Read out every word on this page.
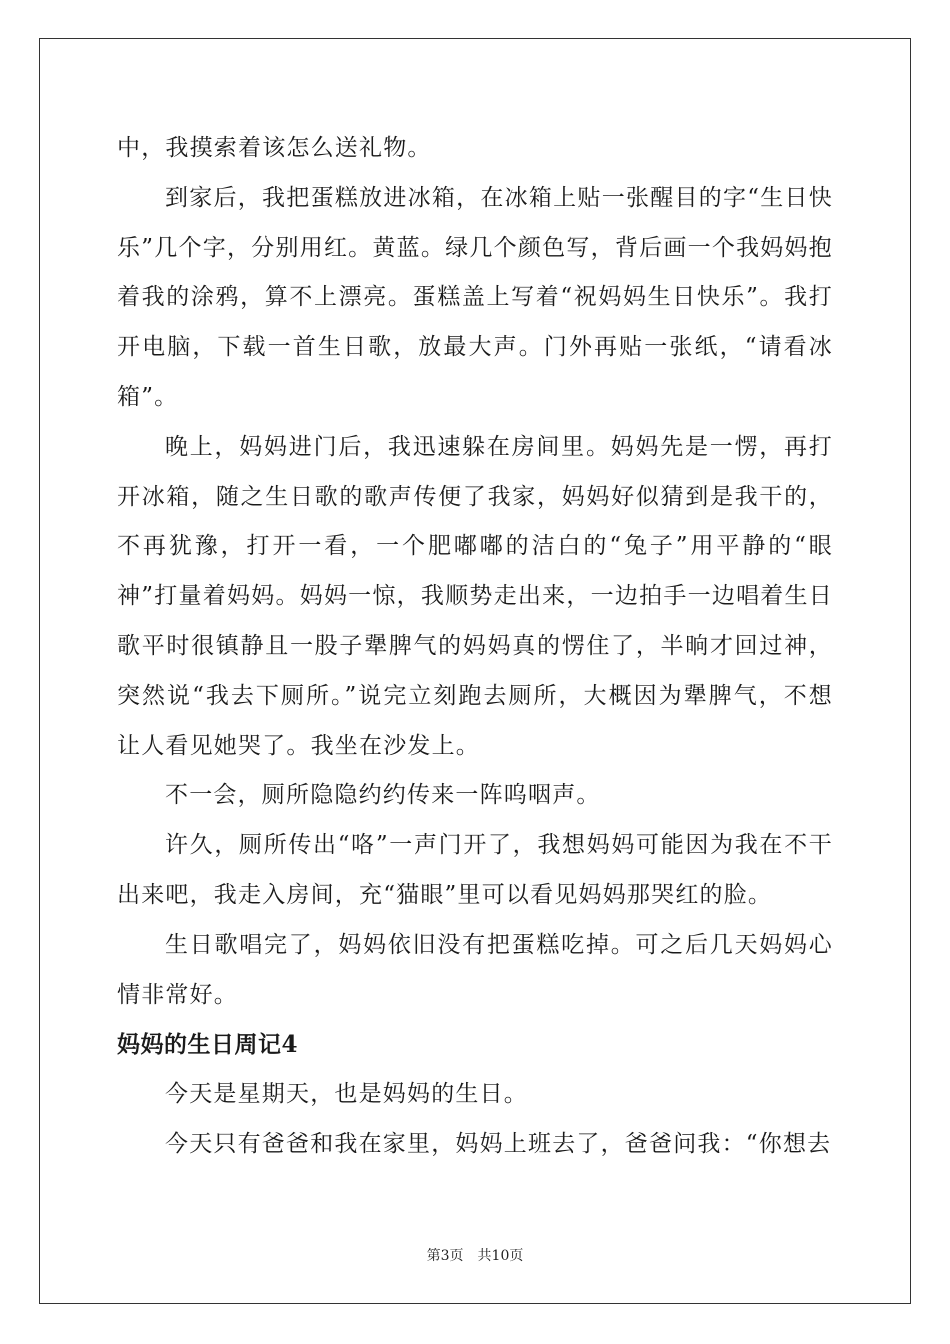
中，我摸索着该怎么送礼物。

到家后，我把蛋糕放进冰箱，在冰箱上贴一张醒目的字“生日快乐”几个字，分别用红。黄蓝。绿几个颜色写，背后画一个我妈妈抱着我的涂鸦，算不上漂亮。蛋糕盖上写着“祝妈妈生日快乐”。我打开电脑，下载一首生日歌，放最大声。门外再贴一张纸，“请看冰箱”。

晚上，妈妈进门后，我迅速躲在房间里。妈妈先是一愣，再打开冰箱，随之生日歌的歌声传便了我家，妈妈好似猜到是我干的，不再犹豫，打开一看，一个肥嘟嘟的洁白的“兔子”用平静的“眼神”打量着妈妈。妈妈一惊，我顺势走出来，一边拍手一边唱着生日歌平时很镇静且一股子犟脾气的妈妈真的愣住了，半晌才回过神，突然说“我去下厕所。”说完立刻跑去厕所，大概因为犟脾气，不想让人看见她哭了。我坐在沙发上。

不一会，厕所隐隐约约传来一阵呜咽声。

许久，厕所传出“咯”一声门开了，我想妈妈可能因为我在不干出来吧，我走入房间，充“猫眼”里可以看见妈妈那哭红的脸。

生日歌唱完了，妈妈依旧没有把蛋糕吃掉。可之后几天妈妈心情非常好。

妈妈的生日周记4

今天是星期天，也是妈妈的生日。

今天只有爸爸和我在家里，妈妈上班去了，爸爸问我：“你想去

第3页 共10页
